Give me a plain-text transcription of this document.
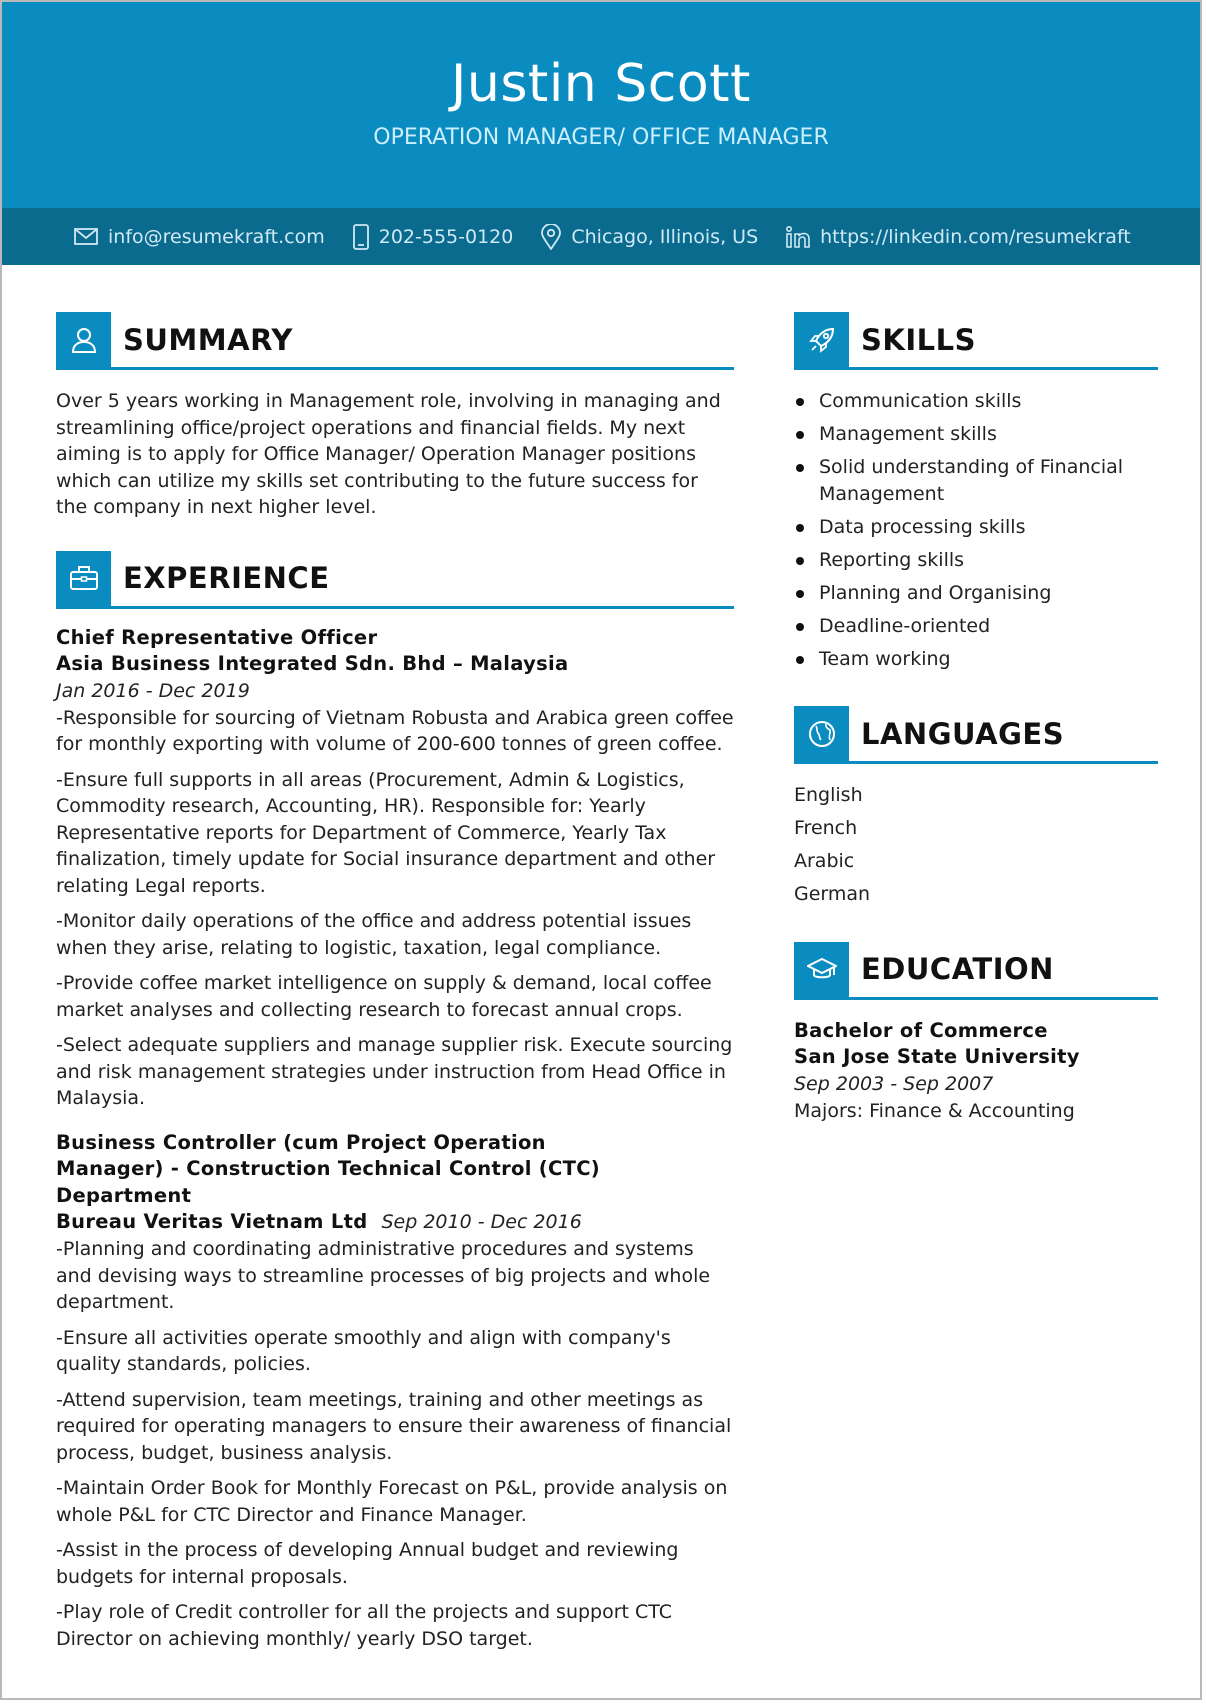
Justin Scott
OPERATION MANAGER/ OFFICE MANAGER
info@resumekraft.com	202-555-0120	Chicago, Illinois, US	https://linkedin.com/resumekraft
SUMMARY
Over 5 years working in Management role, involving in managing and streamlining office/project operations and financial fields. My next aiming is to apply for Office Manager/ Operation Manager positions which can utilize my skills set contributing to the future success for the company in next higher level.
EXPERIENCE
Chief Representative Officer
Asia Business Integrated Sdn. Bhd – Malaysia
Jan 2016 - Dec 2019
-Responsible for sourcing of Vietnam Robusta and Arabica green coffee for monthly exporting with volume of 200-600 tonnes of green coffee.
-Ensure full supports in all areas (Procurement, Admin & Logistics, Commodity research, Accounting, HR). Responsible for: Yearly Representative reports for Department of Commerce, Yearly Tax finalization, timely update for Social insurance department and other relating Legal reports.
-Monitor daily operations of the office and address potential issues when they arise, relating to logistic, taxation, legal compliance.
-Provide coffee market intelligence on supply & demand, local coffee market analyses and collecting research to forecast annual crops.
-Select adequate suppliers and manage supplier risk. Execute sourcing and risk management strategies under instruction from Head Office in Malaysia.
Business Controller (cum Project Operation Manager) - Construction Technical Control (CTC) Department
Bureau Veritas Vietnam Ltd Sep 2010 - Dec 2016
-Planning and coordinating administrative procedures and systems and devising ways to streamline processes of big projects and whole department.
-Ensure all activities operate smoothly and align with company's quality standards, policies.
-Attend supervision, team meetings, training and other meetings as required for operating managers to ensure their awareness of financial process, budget, business analysis.
-Maintain Order Book for Monthly Forecast on P&L, provide analysis on whole P&L for CTC Director and Finance Manager.
-Assist in the process of developing Annual budget and reviewing budgets for internal proposals.
-Play role of Credit controller for all the projects and support CTC Director on achieving monthly/ yearly DSO target.
SKILLS
Communication skills
Management skills
Solid understanding of Financial Management
Data processing skills
Reporting skills
Planning and Organising
Deadline-oriented
Team working
LANGUAGES
English
French
Arabic
German
EDUCATION
Bachelor of Commerce
San Jose State University
Sep 2003 - Sep 2007
Majors: Finance & Accounting
